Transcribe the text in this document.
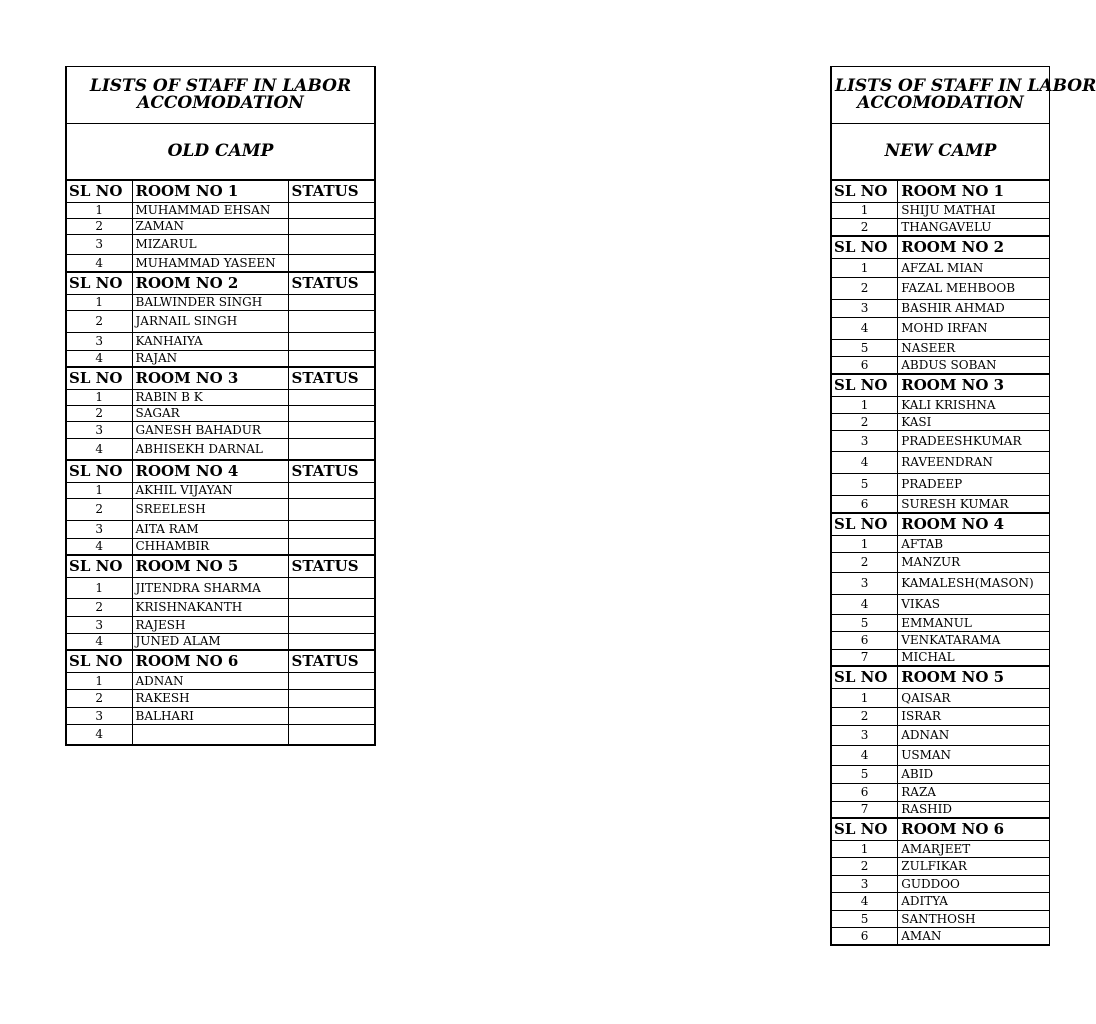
LISTS OF STAFF IN LABOR
ACCOMODATION		
OLD CAMP		
SL NO	ROOM NO 1	STATUS
1	MUHAMMAD EHSAN	
2	ZAMAN	
3	MIZARUL	
4	MUHAMMAD YASEEN	
SL NO	ROOM NO 2	STATUS
1	BALWINDER SINGH	
2	JARNAIL SINGH	
3	KANHAIYA	
4	RAJAN	
SL NO	ROOM NO 3	STATUS
1	RABIN B K	
2	SAGAR	
3	GANESH BAHADUR	
4	ABHISEKH DARNAL	
SL NO	ROOM NO 4	STATUS
1	AKHIL VIJAYAN	
2	SREELESH	
3	AITA RAM	
4	CHHAMBIR	
SL NO	ROOM NO 5	STATUS
1	JITENDRA SHARMA	
2	KRISHNAKANTH	
3	RAJESH	
4	JUNED ALAM	
SL NO	ROOM NO 6	STATUS
1	ADNAN	
2	RAKESH	
3	BALHARI	
4		
LISTS OF STAFF IN LABOR
ACCOMODATION	
NEW CAMP	
SL NO	ROOM NO 1
1	SHIJU MATHAI
2	THANGAVELU
SL NO	ROOM NO 2
1	AFZAL MIAN
2	FAZAL MEHBOOB
3	BASHIR AHMAD
4	MOHD IRFAN
5	NASEER
6	ABDUS SOBAN
SL NO	ROOM NO 3
1	KALI KRISHNA
2	KASI
3	PRADEESHKUMAR
4	RAVEENDRAN
5	PRADEEP
6	SURESH KUMAR
SL NO	ROOM NO 4
1	AFTAB
2	MANZUR
3	KAMALESH(MASON)
4	VIKAS
5	EMMANUL
6	VENKATARAMA
7	MICHAL
SL NO	ROOM NO 5
1	QAISAR
2	ISRAR
3	ADNAN
4	USMAN
5	ABID
6	RAZA
7	RASHID
SL NO	ROOM NO 6
1	AMARJEET
2	ZULFIKAR
3	GUDDOO
4	ADITYA
5	SANTHOSH
6	AMAN
